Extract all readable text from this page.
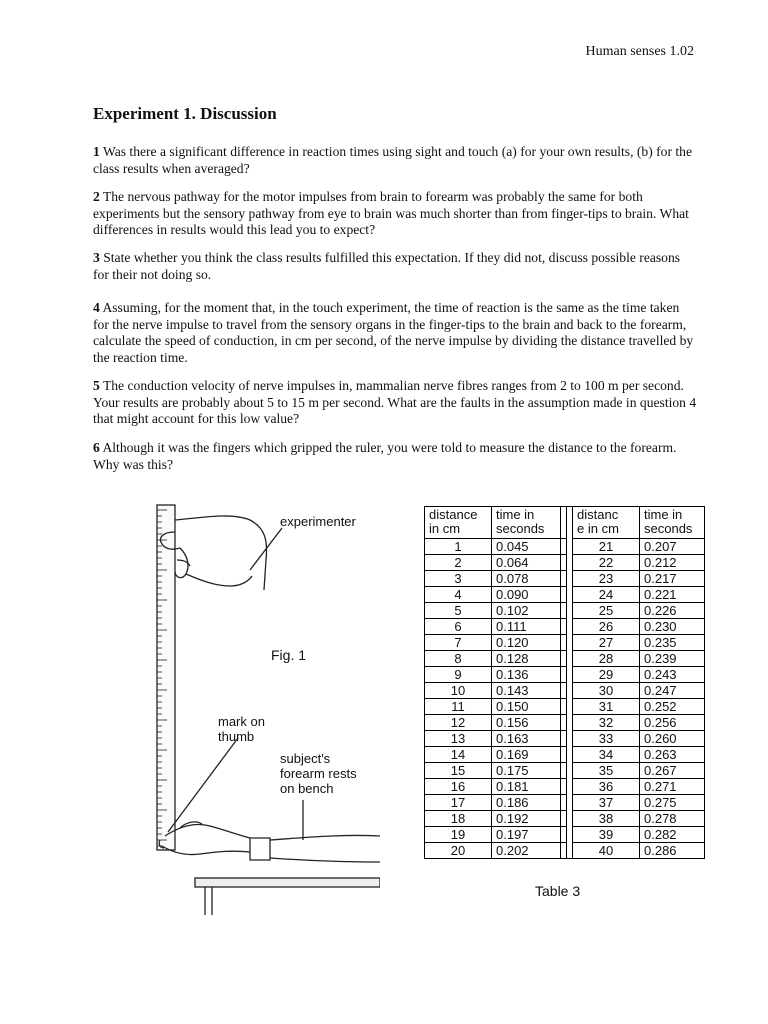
Human senses 1.02
Experiment 1. Discussion

1 Was there a significant difference in reaction times using sight and touch (a) for your own results, (b) for the class results when averaged?

2 The nervous pathway for the motor impulses from brain to forearm was probably the same for both experiments but the sensory pathway from eye to brain was much shorter than from finger-tips to brain. What differences in results would this lead you to expect?

3 State whether you think the class results fulfilled this expectation. If they did not, discuss possible reasons for their not doing so.

4 Assuming, for the moment that, in the touch experiment, the time of reaction is the same as the time taken for the nerve impulse to travel from the sensory organs in the finger-tips to the brain and back to the forearm, calculate the speed of conduction, in cm per second, of the nerve impulse by dividing the distance travelled by the reaction time.

5 The conduction velocity of nerve impulses in, mammalian nerve fibres ranges from 2 to 100 m per second. Your results are probably about 5 to 15 m per second. What are the faults in the assumption made in question 4 that might account for this low value?

6 Although it was the fingers which gripped the ruler, you were told to measure the distance to the forearm. Why was this?

experimenter
Fig. 1
mark on
thumb
subject's
forearm rests
on bench
distance
in cm	time in
seconds
1	0.045
2	0.064
3	0.078
4	0.090
5	0.102
6	0.111
7	0.120
8	0.128
9	0.136
10	0.143
11	0.150
12	0.156
13	0.163
14	0.169
15	0.175
16	0.181
17	0.186
18	0.192
19	0.197
20	0.202
distanc
e in cm	time in
seconds
21	0.207
22	0.212
23	0.217
24	0.221
25	0.226
26	0.230
27	0.235
28	0.239
29	0.243
30	0.247
31	0.252
32	0.256
33	0.260
34	0.263
35	0.267
36	0.271
37	0.275
38	0.278
39	0.282
40	0.286
Table 3
